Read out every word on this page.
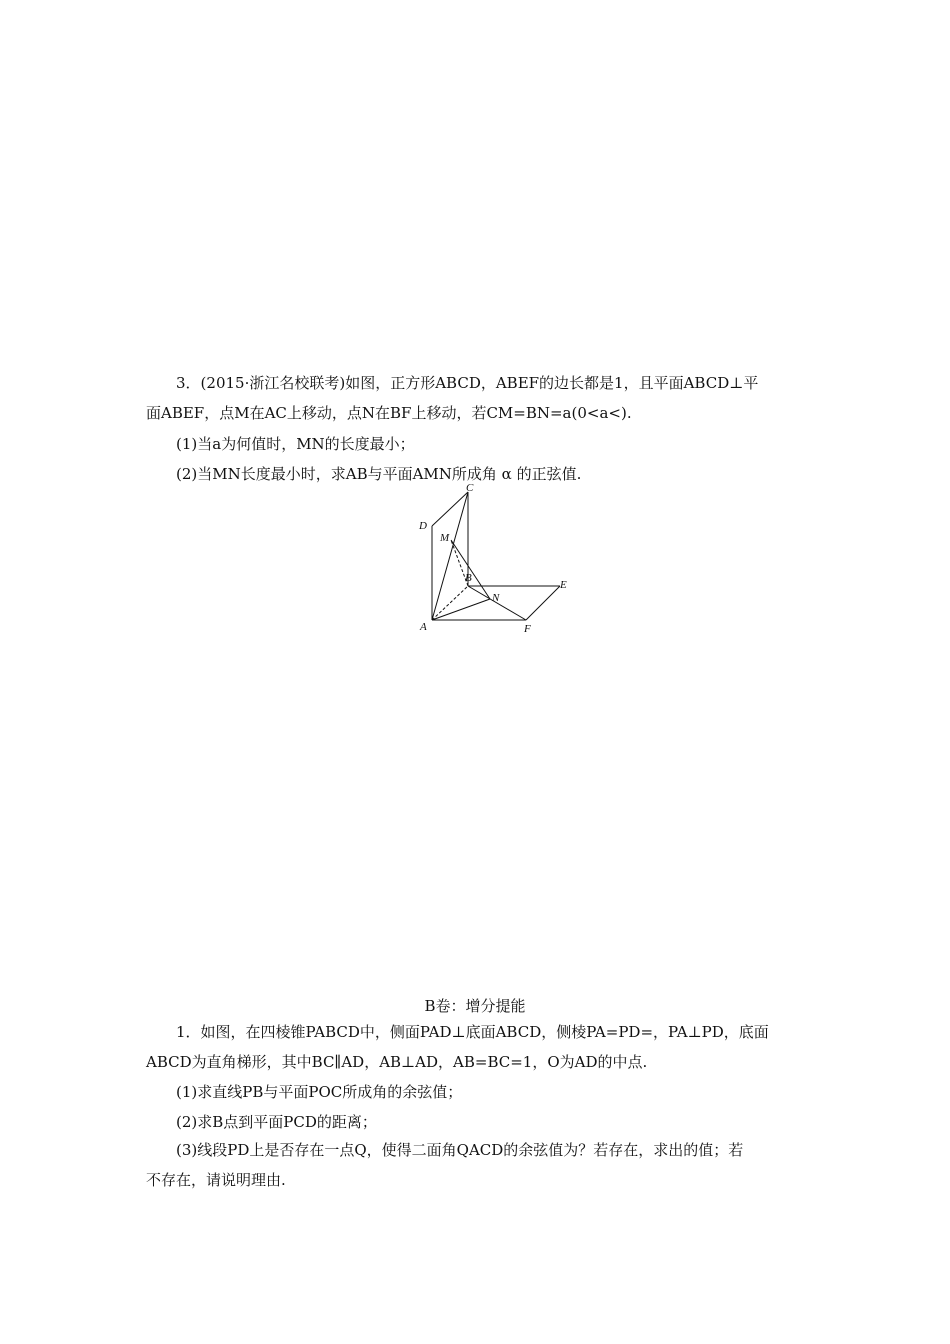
3．(2015·浙江名校联考)如图，正方形ABCD，ABEF的边长都是1，且平面ABCD⊥平

面ABEF，点M在AC上移动，点N在BF上移动，若CM=BN=a(0<a<).

(1)当a为何值时，MN的长度最小；

(2)当MN长度最小时，求AB与平面AMN所成角 α 的正弦值.

A
B
C
D
E
F
M
N
B卷：增分提能

1．如图，在四棱锥PABCD中，侧面PAD⊥底面ABCD，侧棱PA=PD=，PA⊥PD，底面

ABCD为直角梯形，其中BC∥AD，AB⊥AD，AB=BC=1，O为AD的中点.

(1)求直线PB与平面POC所成角的余弦值；

(2)求B点到平面PCD的距离；

(3)线段PD上是否存在一点Q，使得二面角QACD的余弦值为？若存在，求出的值；若

不存在，请说明理由.
